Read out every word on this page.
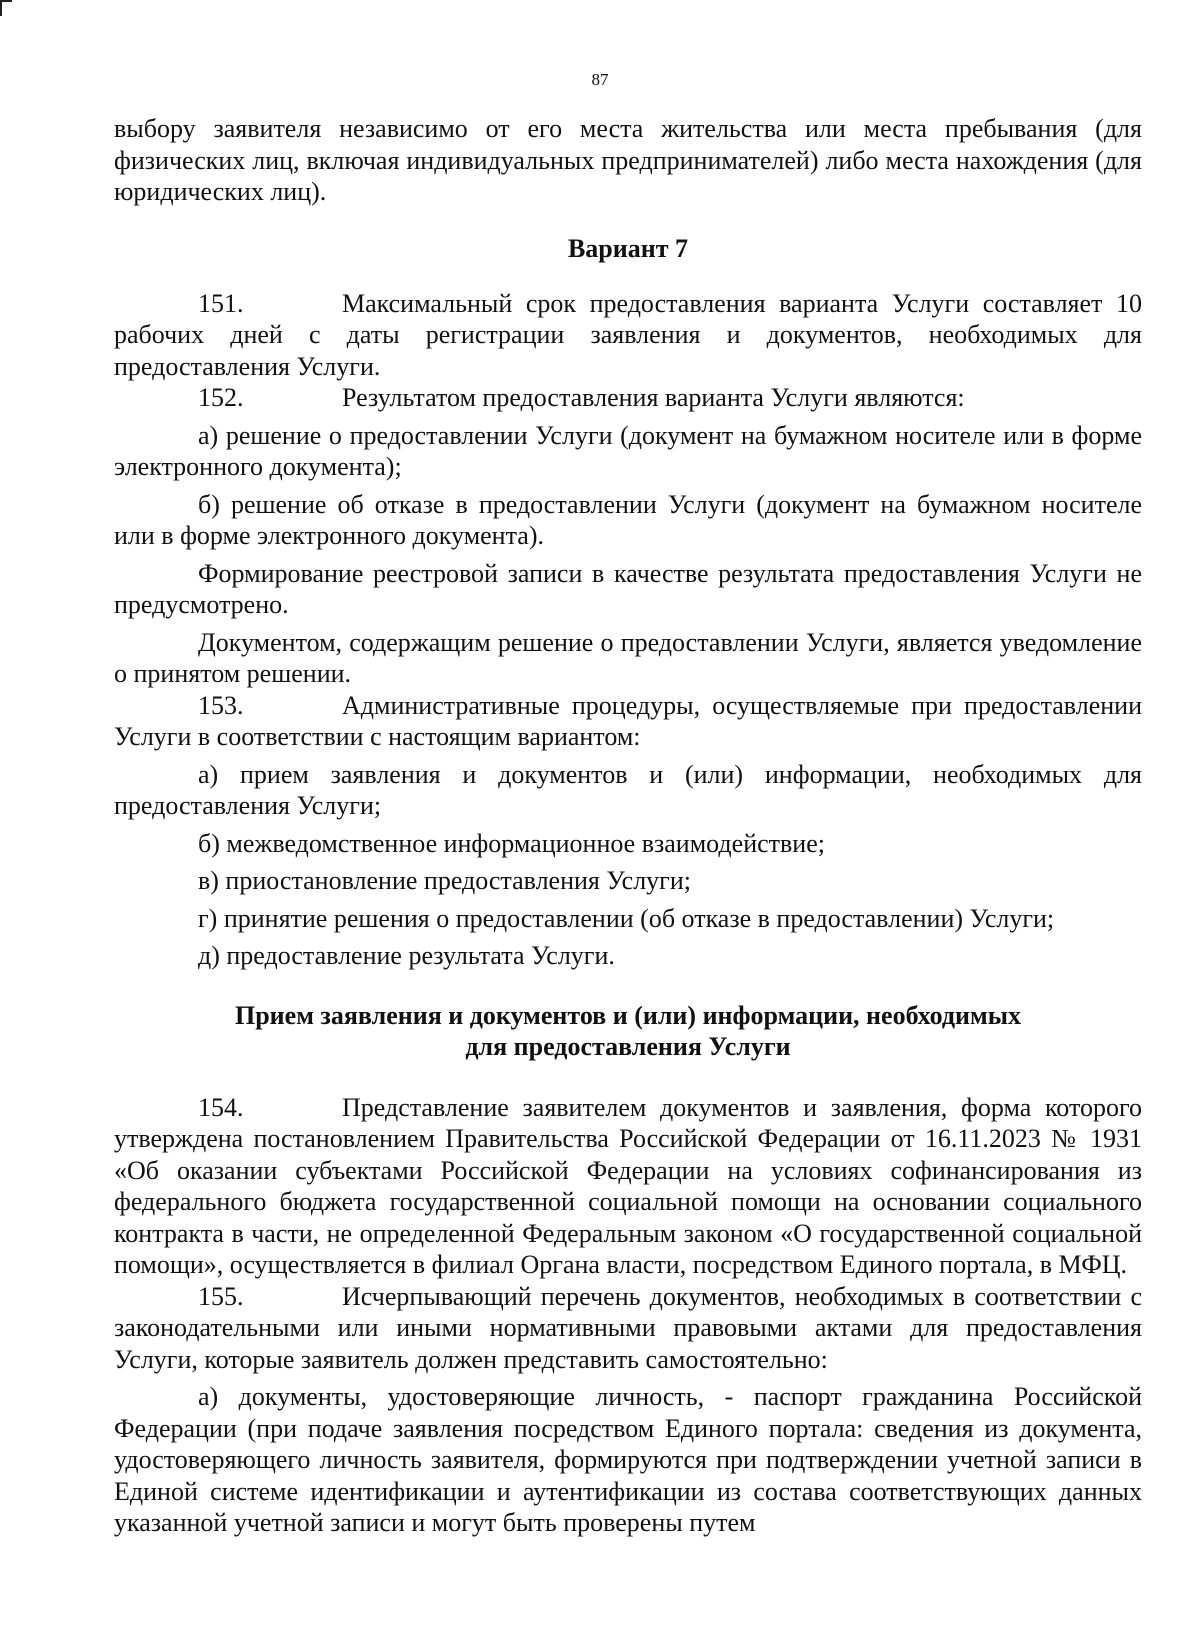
87

выбору заявителя независимо от его места жительства или места пребывания (для физических лиц, включая индивидуальных предпринимателей) либо места нахождения (для юридических лиц).

Вариант 7

151.	Максимальный срок предоставления варианта Услуги составляет 10 рабочих дней с даты регистрации заявления и документов, необходимых для предоставления Услуги.

152.	Результатом предоставления варианта Услуги являются:

а) решение о предоставлении Услуги (документ на бумажном носителе или в форме электронного документа);

б) решение об отказе в предоставлении Услуги (документ на бумажном носителе или в форме электронного документа).

Формирование реестровой записи в качестве результата предоставления Услуги не предусмотрено.

Документом, содержащим решение о предоставлении Услуги, является уведомление о принятом решении.

153.	Административные процедуры, осуществляемые при предоставлении Услуги в соответствии с настоящим вариантом:

а) прием заявления и документов и (или) информации, необходимых для предоставления Услуги;

б) межведомственное информационное взаимодействие;

в) приостановление предоставления Услуги;

г) принятие решения о предоставлении (об отказе в предоставлении) Услуги;

д) предоставление результата Услуги.

Прием заявления и документов и (или) информации, необходимых
для предоставления Услуги

154.	Представление заявителем документов и заявления, форма которого утверждена постановлением Правительства Российской Федерации от 16.11.2023 № 1931 «Об оказании субъектами Российской Федерации на условиях софинансирования из федерального бюджета государственной социальной помощи на основании социального контракта в части, не определенной Федеральным законом «О государственной социальной помощи», осуществляется в филиал Органа власти, посредством Единого портала, в МФЦ.

155.	Исчерпывающий перечень документов, необходимых в соответствии с законодательными или иными нормативными правовыми актами для предоставления Услуги, которые заявитель должен представить самостоятельно:

а) документы, удостоверяющие личность, - паспорт гражданина Российской Федерации (при подаче заявления посредством Единого портала: сведения из документа, удостоверяющего личность заявителя, формируются при подтверждении учетной записи в Единой системе идентификации и аутентификации из состава соответствующих данных указанной учетной записи и могут быть проверены путем
